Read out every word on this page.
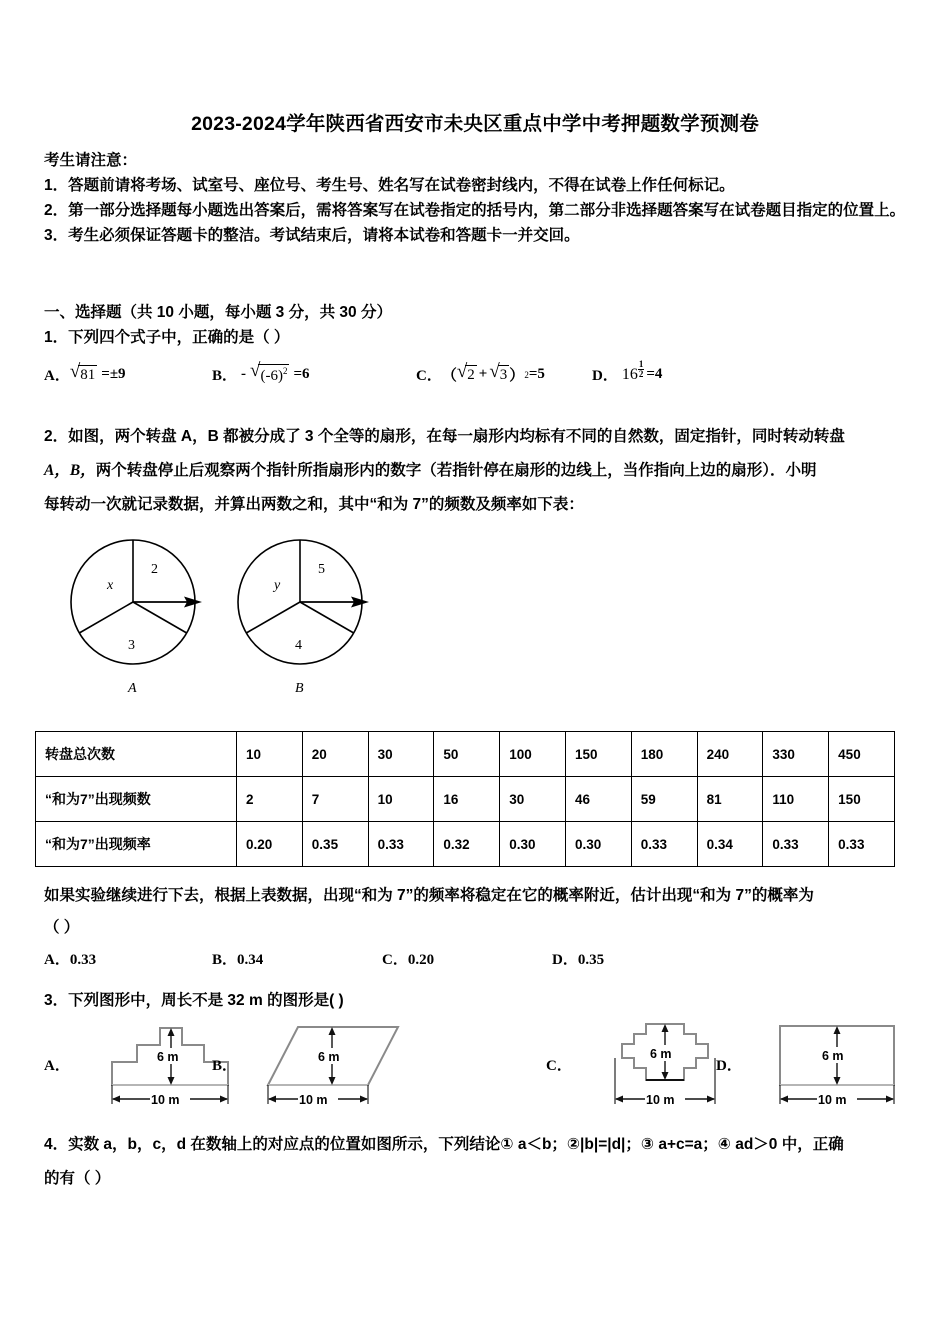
2023-2024学年陕西省西安市未央区重点中学中考押题数学预测卷
考生请注意：
1．答题前请将考场、试室号、座位号、考生号、姓名写在试卷密封线内，不得在试卷上作任何标记。
2．第一部分选择题每小题选出答案后，需将答案写在试卷指定的括号内，第二部分非选择题答案写在试卷题目指定的位置上。
3．考生必须保证答题卡的整洁。考试结束后，请将本试卷和答题卡一并交回。
一、选择题（共 10 小题，每小题 3 分，共 30 分）
1．下列四个式子中，正确的是（ ）
A． √ 81 =±9	B． - √ $(-6)^2 =6$	C． （ √ 2 + √ 3 ） 2 =5	D． $16 \frac{1}{2} =4$
2．如图，两个转盘 A，B 都被分成了 3 个全等的扇形，在每一扇形内均标有不同的自然数，固定指针，同时转动转盘
A，B，两个转盘停止后观察两个指针所指扇形内的数字（若指针停在扇形的边线上，当作指向上边的扇形）．小明
每转动一次就记录数据，并算出两数之和，其中“和为 7”的频数及频率如下表：
x
2
3
A
y
5
4
B
转盘总次数	10	20	30	50	100	150	180	240	330	450
“和为7”出现频数	2	7	10	16	30	46	59	81	110	150
“和为7”出现频率	0.20	0.35	0.33	0.32	0.30	0.30	0.33	0.34	0.33	0.33
如果实验继续进行下去，根据上表数据，出现“和为 7”的频率将稳定在它的概率附近，估计出现“和为 7”的概率为
（ ）
A．0.33	B．0.34	C．0.20	D．0.35
3．下列图形中，周长不是 32 m 的图形是( )
A．
6 m
10 m
B．
6 m
10 m
C．
6 m
10 m
D．
6 m
10 m
4．实数 a，b，c，d 在数轴上的对应点的位置如图所示，下列结论① a＜b；②|b|=|d|；③ a+c=a；④ ad＞0 中，正确
的有（ ）
